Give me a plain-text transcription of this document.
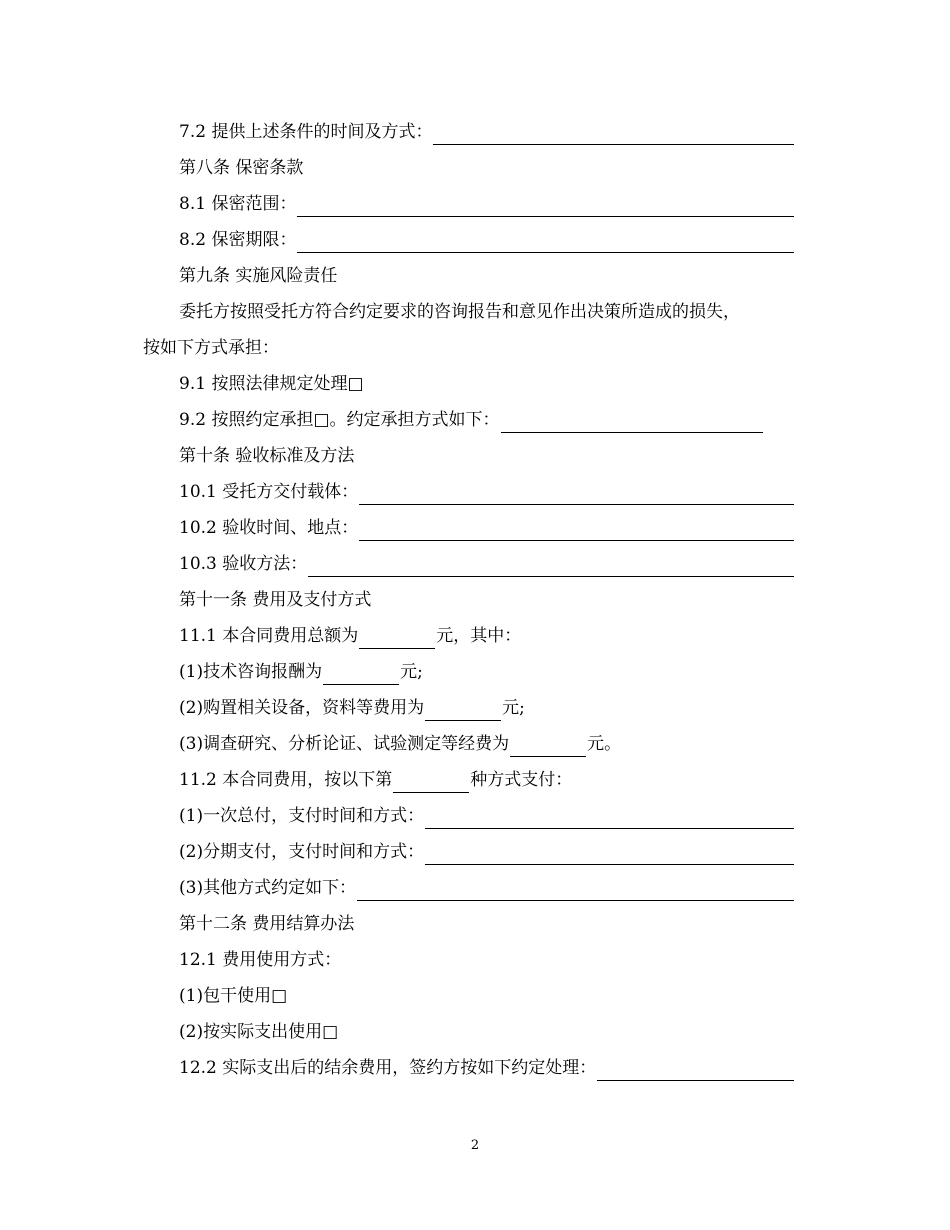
7.2 提供上述条件的时间及方式：
第八条 保密条款
8.1 保密范围：
8.2 保密期限：
第九条 实施风险责任
委托方按照受托方符合约定要求的咨询报告和意见作出决策所造成的损失，
按如下方式承担：
9.1 按照法律规定处理□
9.2 按照约定承担□。约定承担方式如下：
第十条 验收标准及方法
10.1 受托方交付载体：
10.2 验收时间、地点：
10.3 验收方法：
第十一条 费用及支付方式
11.1 本合同费用总额为	元，其中：
(1)技术咨询报酬为	元;
(2)购置相关设备，资料等费用为	元;
(3)调查研究、分析论证、试验测定等经费为	元。
11.2 本合同费用，按以下第	种方式支付：
(1)一次总付，支付时间和方式：
(2)分期支付，支付时间和方式：
(3)其他方式约定如下：
第十二条 费用结算办法
12.1 费用使用方式：
(1)包干使用□
(2)按实际支出使用□
12.2 实际支出后的结余费用，签约方按如下约定处理：
2
